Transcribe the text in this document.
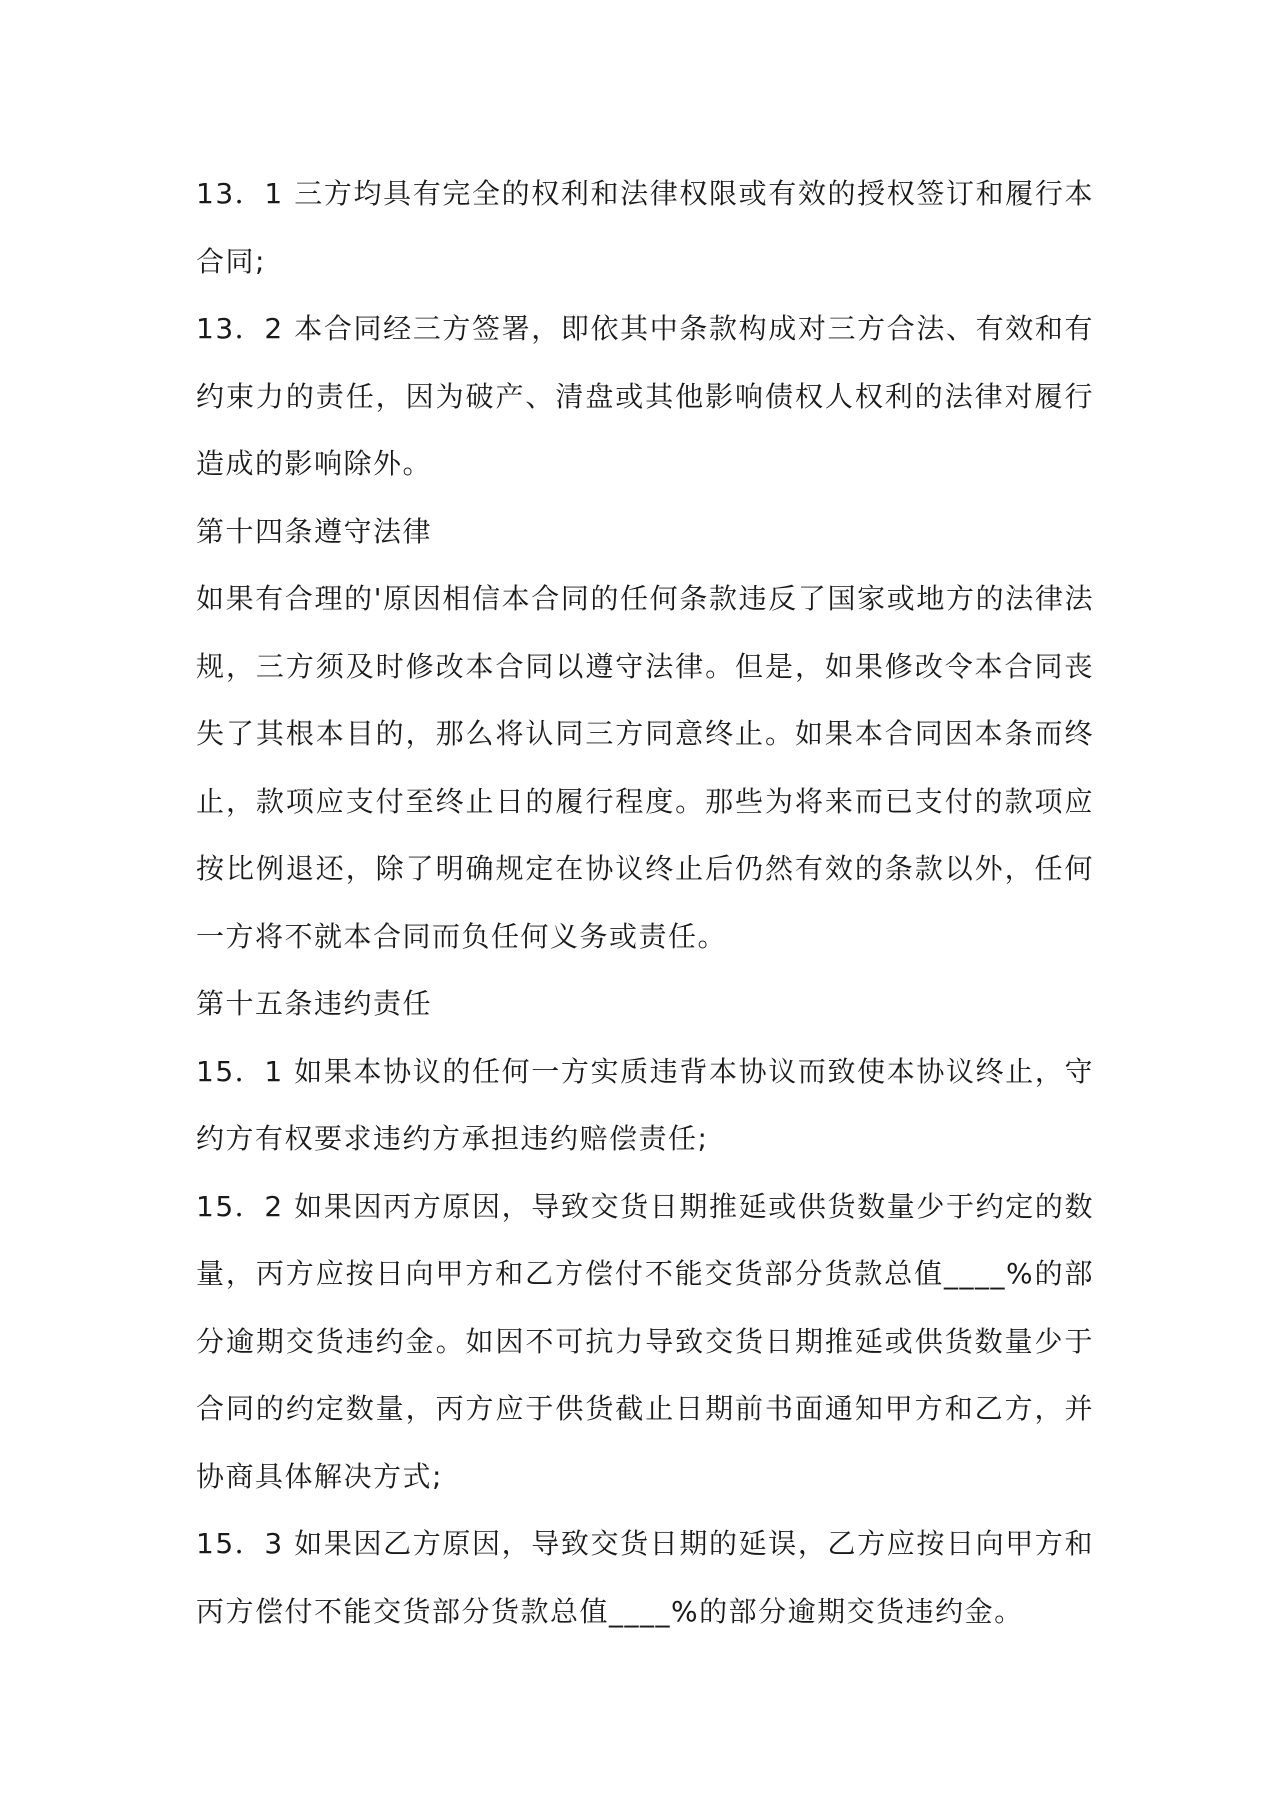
13．1 三方均具有完全的权利和法律权限或有效的授权签订和履行本合同;

13．2 本合同经三方签署，即依其中条款构成对三方合法、有效和有约束力的责任，因为破产、清盘或其他影响债权人权利的法律对履行造成的影响除外。

第十四条遵守法律

如果有合理的'原因相信本合同的任何条款违反了国家或地方的法律法规，三方须及时修改本合同以遵守法律。但是，如果修改令本合同丧失了其根本目的，那么将认同三方同意终止。如果本合同因本条而终止，款项应支付至终止日的履行程度。那些为将来而已支付的款项应按比例退还，除了明确规定在协议终止后仍然有效的条款以外，任何一方将不就本合同而负任何义务或责任。

第十五条违约责任

15．1 如果本协议的任何一方实质违背本协议而致使本协议终止，守约方有权要求违约方承担违约赔偿责任;

15．2 如果因丙方原因，导致交货日期推延或供货数量少于约定的数量，丙方应按日向甲方和乙方偿付不能交货部分货款总值____%的部分逾期交货违约金。如因不可抗力导致交货日期推延或供货数量少于合同的约定数量，丙方应于供货截止日期前书面通知甲方和乙方，并协商具体解决方式;

15．3 如果因乙方原因，导致交货日期的延误，乙方应按日向甲方和丙方偿付不能交货部分货款总值____%的部分逾期交货违约金。
